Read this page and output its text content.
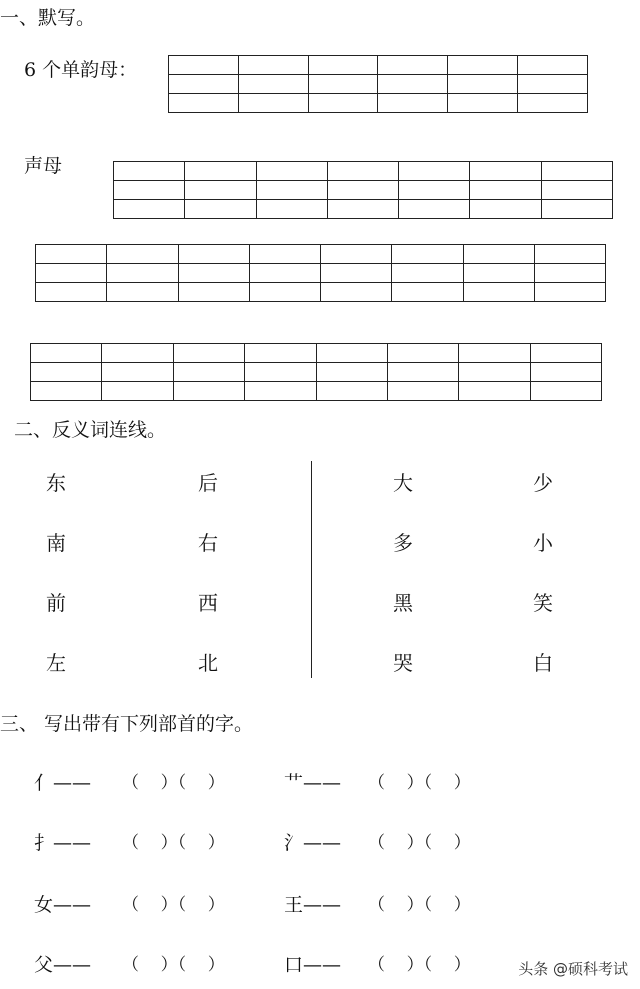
一、默写。
6 个单韵母：

声母

二、反义词连线。
东	后
南	右
前	西
左	北
大	少
多	小
黑	笑
哭	白
三、 写出带有下列部首的字。
亻—— （    ）（    ）	艹—— （    ）（    ）
扌—— （    ）（    ）	氵—— （    ）（    ）
女—— （    ）（    ）	王—— （    ）（    ）
父—— （    ）（    ）	口—— （    ）（    ）	头条 @硕科考试
